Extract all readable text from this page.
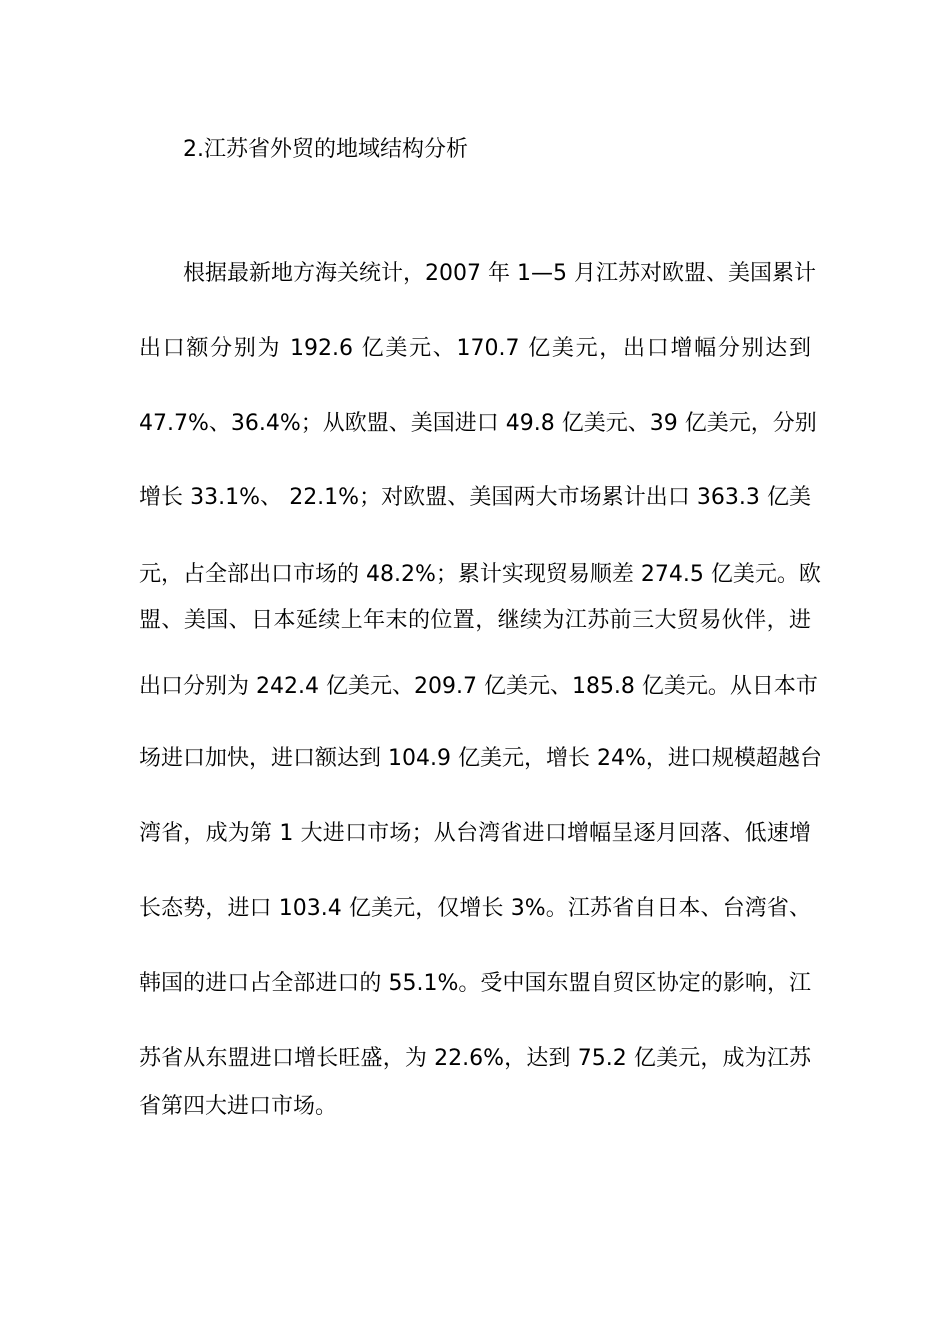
2.江苏省外贸的地域结构分析
根据最新地方海关统计，2007 年 1—5 月江苏对欧盟、美国累计
出口额分别为 192.6 亿美元、170.7 亿美元，出口增幅分别达到
47.7%、36.4%；从欧盟、美国进口 49.8 亿美元、39 亿美元，分别
增长 33.1%、 22.1%；对欧盟、美国两大市场累计出口 363.3 亿美
元，占全部出口市场的 48.2%；累计实现贸易顺差 274.5 亿美元。欧
盟、美国、日本延续上年末的位置，继续为江苏前三大贸易伙伴，进
出口分别为 242.4 亿美元、209.7 亿美元、185.8 亿美元。从日本市
场进口加快，进口额达到 104.9 亿美元，增长 24%，进口规模超越台
湾省，成为第 1 大进口市场；从台湾省进口增幅呈逐月回落、低速增
长态势，进口 103.4 亿美元，仅增长 3%。江苏省自日本、台湾省、
韩国的进口占全部进口的 55.1%。受中国东盟自贸区协定的影响，江
苏省从东盟进口增长旺盛，为 22.6%，达到 75.2 亿美元，成为江苏
省第四大进口市场。
